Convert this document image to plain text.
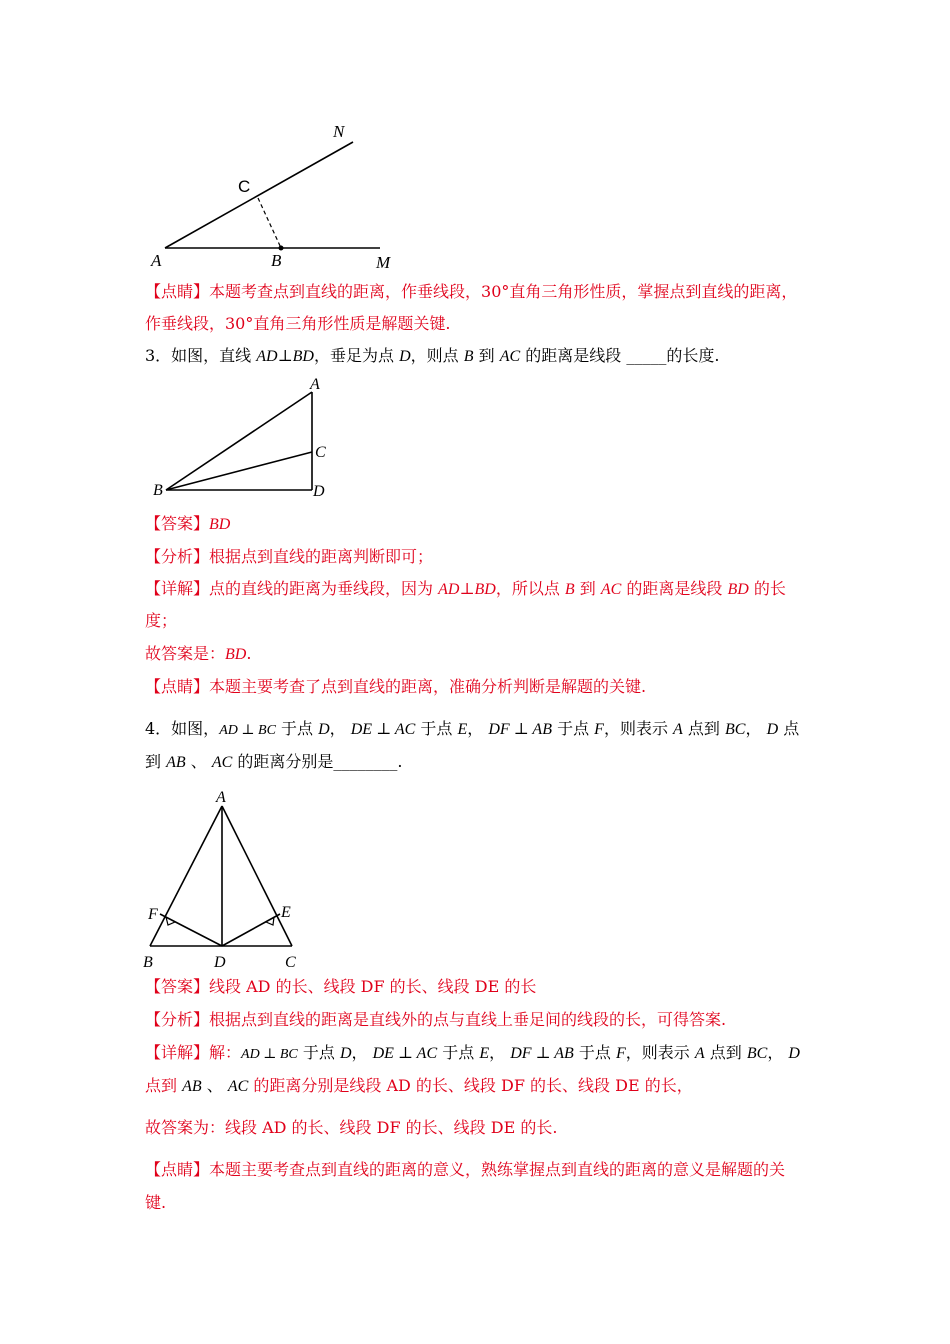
N
C
A	B	M
【点睛】本题考查点到直线的距离，作垂线段，30°直角三角形性质，掌握点到直线的距离，
作垂线段，30°直角三角形性质是解题关键.
3．如图，直线 AD⊥BD，垂足为点 D，则点 B 到 AC 的距离是线段 _____的长度.
A
C
B	D
【答案】BD
【分析】根据点到直线的距离判断即可；
【详解】点的直线的距离为垂线段，因为 AD⊥BD，所以点 B 到 AC 的距离是线段 BD 的长
度；
故答案是：BD.
【点睛】本题主要考查了点到直线的距离，准确分析判断是解题的关键.
4．如图，AD ⊥ BC 于点 D， DE ⊥ AC 于点 E， DF ⊥ AB 于点 F，则表示 A 点到 BC， D 点
到 AB 、 AC 的距离分别是________.
A
F	E
B	D	C
【答案】线段 AD 的长、线段 DF 的长、线段 DE 的长
【分析】根据点到直线的距离是直线外的点与直线上垂足间的线段的长，可得答案.
【详解】解：AD ⊥ BC 于点 D， DE ⊥ AC 于点 E， DF ⊥ AB 于点 F，则表示 A 点到 BC， D
点到 AB 、 AC 的距离分别是线段 AD 的长、线段 DF 的长、线段 DE 的长，
故答案为：线段 AD 的长、线段 DF 的长、线段 DE 的长.
【点睛】本题主要考查点到直线的距离的意义，熟练掌握点到直线的距离的意义是解题的关
键.
